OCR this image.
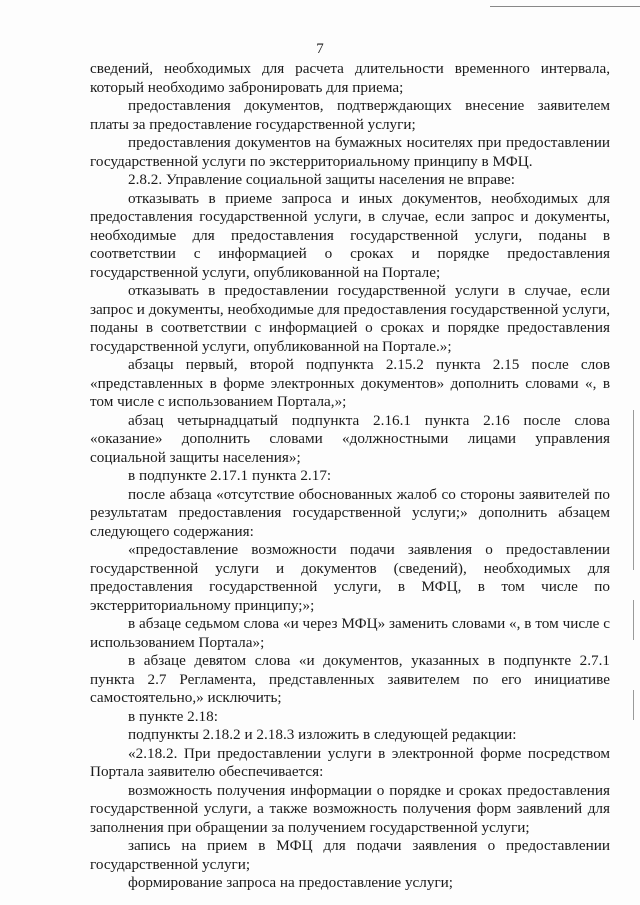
7

сведений, необходимых для расчета длительности временного интервала, который необходимо забронировать для приема;

предоставления документов, подтверждающих внесение заявителем платы за предоставление государственной услуги;

предоставления документов на бумажных носителях при предоставлении государственной услуги по экстерриториальному принципу в МФЦ.

2.8.2. Управление социальной защиты населения не вправе:

отказывать в приеме запроса и иных документов, необходимых для предоставления государственной услуги, в случае, если запрос и документы, необходимые для предоставления государственной услуги, поданы в соответствии с информацией о сроках и порядке предоставления государственной услуги, опубликованной на Портале;

отказывать в предоставлении государственной услуги в случае, если запрос и документы, необходимые для предоставления государственной услуги, поданы в соответствии с информацией о сроках и порядке предоставления государственной услуги, опубликованной на Портале.»;

абзацы первый, второй подпункта 2.15.2 пункта 2.15 после слов «представленных в форме электронных документов» дополнить словами «, в том числе с использованием Портала,»;

абзац четырнадцатый подпункта 2.16.1 пункта 2.16 после слова «оказание» дополнить словами «должностными лицами управления социальной защиты населения»;

в подпункте 2.17.1 пункта 2.17:

после абзаца «отсутствие обоснованных жалоб со стороны заявителей по результатам предоставления государственной услуги;» дополнить абзацем следующего содержания:

«предоставление возможности подачи заявления о предоставлении государственной услуги и документов (сведений), необходимых для предоставления государственной услуги, в МФЦ, в том числе по экстерриториальному принципу;»;

в абзаце седьмом слова «и через МФЦ» заменить словами «, в том числе с использованием Портала»;

в абзаце девятом слова «и документов, указанных в подпункте 2.7.1 пункта 2.7 Регламента, представленных заявителем по его инициативе самостоятельно,» исключить;

в пункте 2.18:

подпункты 2.18.2 и 2.18.3 изложить в следующей редакции:

«2.18.2. При предоставлении услуги в электронной форме посредством Портала заявителю обеспечивается:

возможность получения информации о порядке и сроках предоставления государственной услуги, а также возможность получения форм заявлений для заполнения при обращении за получением государственной услуги;

запись на прием в МФЦ для подачи заявления о предоставлении государственной услуги;

формирование запроса на предоставление услуги;
